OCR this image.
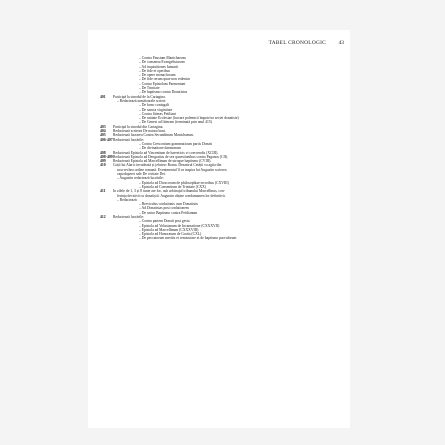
TABEL CRONOLOGIC 43
– Contra Faustum Manichaeum
– De consensu Evangelistarum
– Ad inquisitiones Ianuarii
– De fide et operibus
– De opere monachorum
– De fide rerum quae non videntur
– Contra Epistolam Parmeniani
– De Trinitate
– De baptismo contra Donatistas
401	Participă la sinodul de la Cartagina.
– Redactează următoarele scrieri:
– De bono coniugali
– De sancta virginitate
– Contra litteras Petiliani
– De unitate Ecclesiae (lucrare polemică împotriva sectei donatiste)
– De Genesi ad litteram (terminată prin anul 415)
403	Participă la sinodul din Cartagina.
404	Redactează scrierea De natura boni.
405	Redactează lucrarea Contra Secundinum Manichaeum.
406-407 Redactează lucrările:
– Contra Cresconium grammaticum partis Donati
– De divinatione daemonum
408	Redactează Epistola ad Vincentium de haereticis vi coercendis (XCIII).
408-409 Redactează Epistola ad Deogratias de sex quaestionibus contra Paganos (CII).
409	Redactează Epistola ad Marcellinum de utroque baptismo (CVIII).
410	Goții lui Alaric invadează și jefuiesc Roma. Dezastrul Cetății va agita din
nou vechea ordine romană. Evenimentul îl va inspira lui Augustin scrierea
capodoperei sale De civitate Dei.
– Augustin redactează lucrările:
– Epistola ad Dioscorum de philosophiae erroribus (CXVIII)
– Epistola ad Consentium de Trinitate (CXX)
411	În zilele de 1, 3 și 8 iunie are loc, sub arbitrajul tribunului Marcellinus, con-
ferința decisivă cu donatiștii. Augustin obține condamnarea lor definitivă.
– Redactează:
– Breviculus conlationis cum Donatistis
– Ad Donatistas post conlationem
– De unico Baptismo contra Petilianum
412	Redactează lucrările:
– Contra partem Donati post gesta
– Epistola ad Volusianum de Incarnatione (CXXXVII)
– Epistola ad Marcellinum (CXXXVIII)
– Epistola ad Honoratum de Gratia (CXL)
– De peccatorum meritis et remissione et de baptismo parvulorum
